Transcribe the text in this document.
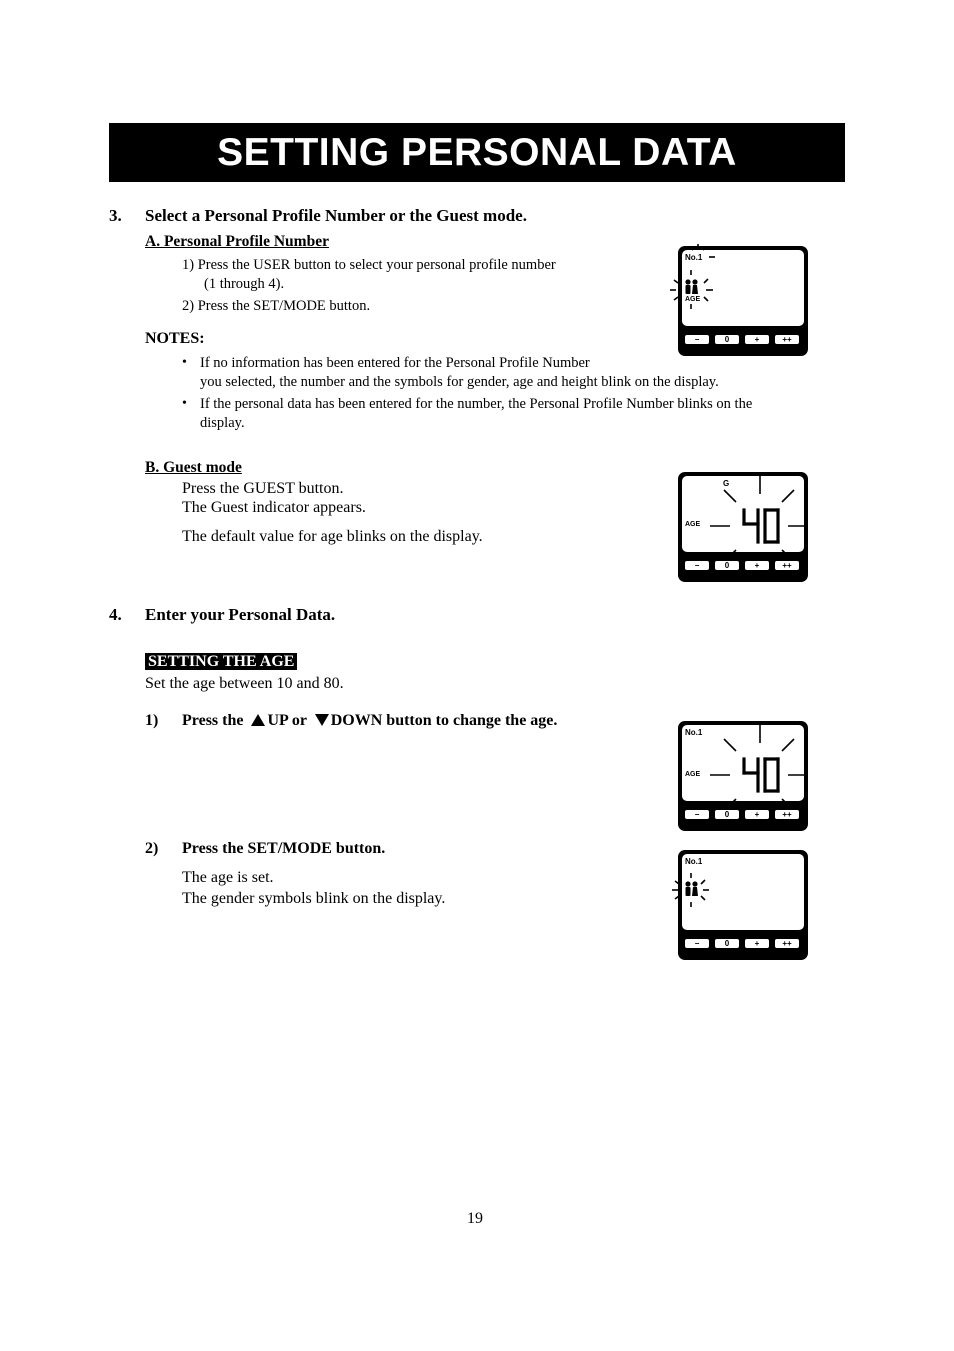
SETTING PERSONAL DATA
3. Select a Personal Profile Number or the Guest mode.
A. Personal Profile Number
1) Press the USER button to select your personal profile number
(1 through 4).
2) Press the SET/MODE button.
NOTES:
• If no information has been entered for the Personal Profile Number
you selected, the number and the symbols for gender, age and height blink on the display.
• If the personal data has been entered for the number, the Personal Profile Number blinks on the
display.
B. Guest mode
Press the GUEST button.
The Guest indicator appears.
The default value for age blinks on the display.
4. Enter your Personal Data.
SETTING THE AGE
Set the age between 10 and 80.
1) Press the UP or DOWN button to change the age.
2) Press the SET/MODE button.
The age is set.
The gender symbols blink on the display.
19
No.1
AGE
−	0	+	++
G
AGE
−	0	+	++
No.1
AGE
−	0	+	++
No.1
−	0	+	++
